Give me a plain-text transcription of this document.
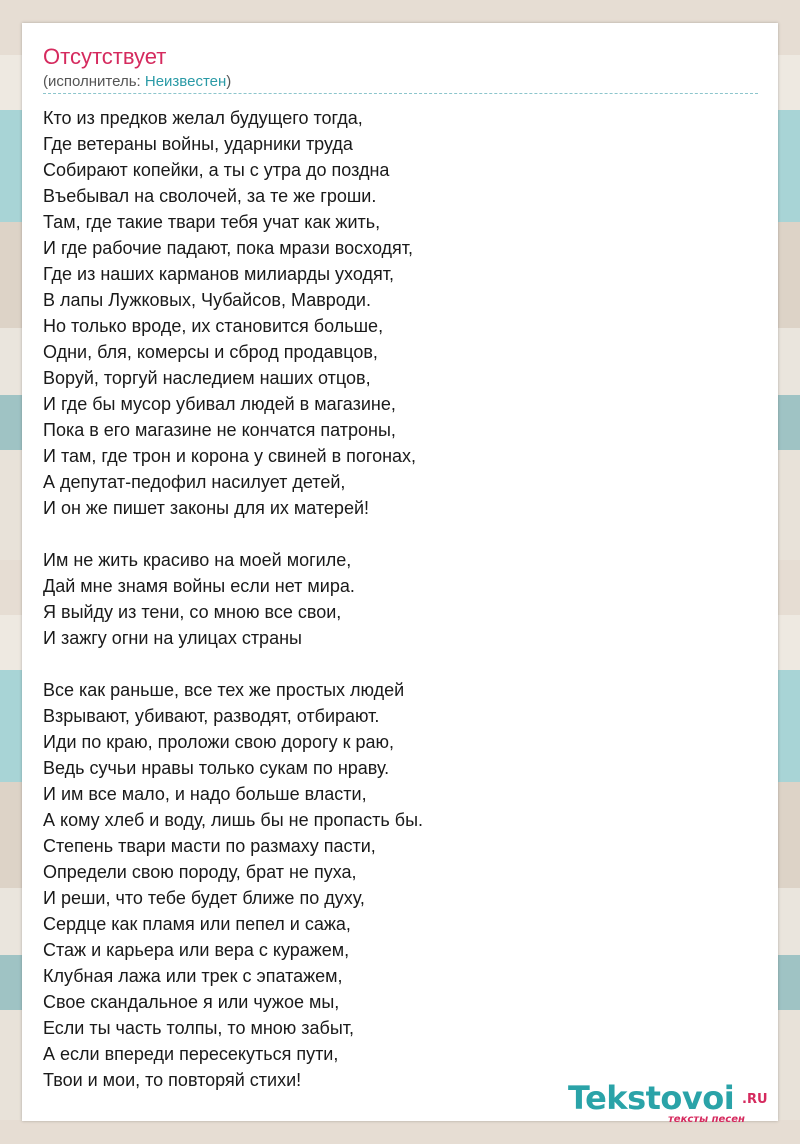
Отсутствует
(исполнитель: Неизвестен)
Кто из предков желал будущего тогда,
Где ветераны войны, ударники труда
Собирают копейки, а ты с утра до поздна
Въебывал на сволочей, за те же гроши.
Там, где такие твари тебя учат как жить,
И где рабочие падают, пока мрази восходят,
Где из наших карманов милиарды уходят,
В лапы Лужковых, Чубайсов, Мавроди.
Но только вроде, их становится больше,
Одни, бля, комерсы и сброд продавцов,
Воруй, торгуй наследием наших отцов,
И где бы мусор убивал людей в магазине,
Пока в его магазине не кончатся патроны,
И там, где трон и корона у свиней в погонах,
А депутат-педофил насилует детей,
И он же пишет законы для их матерей!
Им не жить красиво на моей могиле,
Дай мне знамя войны если нет мира.
Я выйду из тени, со мною все свои,
И зажгу огни на улицах страны
Все как раньше, все тех же простых людей
Взрывают, убивают, разводят, отбирают.
Иди по краю, проложи свою дорогу к раю,
Ведь сучьи нравы только сукам по нраву.
И им все мало, и надо больше власти,
А кому хлеб и воду, лишь бы не пропасть бы.
Степень твари масти по размаху пасти,
Определи свою породу, брат не пуха,
И реши, что тебе будет ближе по духу,
Сердце как пламя или пепел и сажа,
Стаж и карьера или вера с куражем,
Клубная лажа или трек с эпатажем,
Свое скандальное я или чужое мы,
Если ты часть толпы, то мною забыт,
А если впереди пересекуться пути,
Твои и мои, то повторяй стихи!	Tekstovoi .RU
тексты песен
